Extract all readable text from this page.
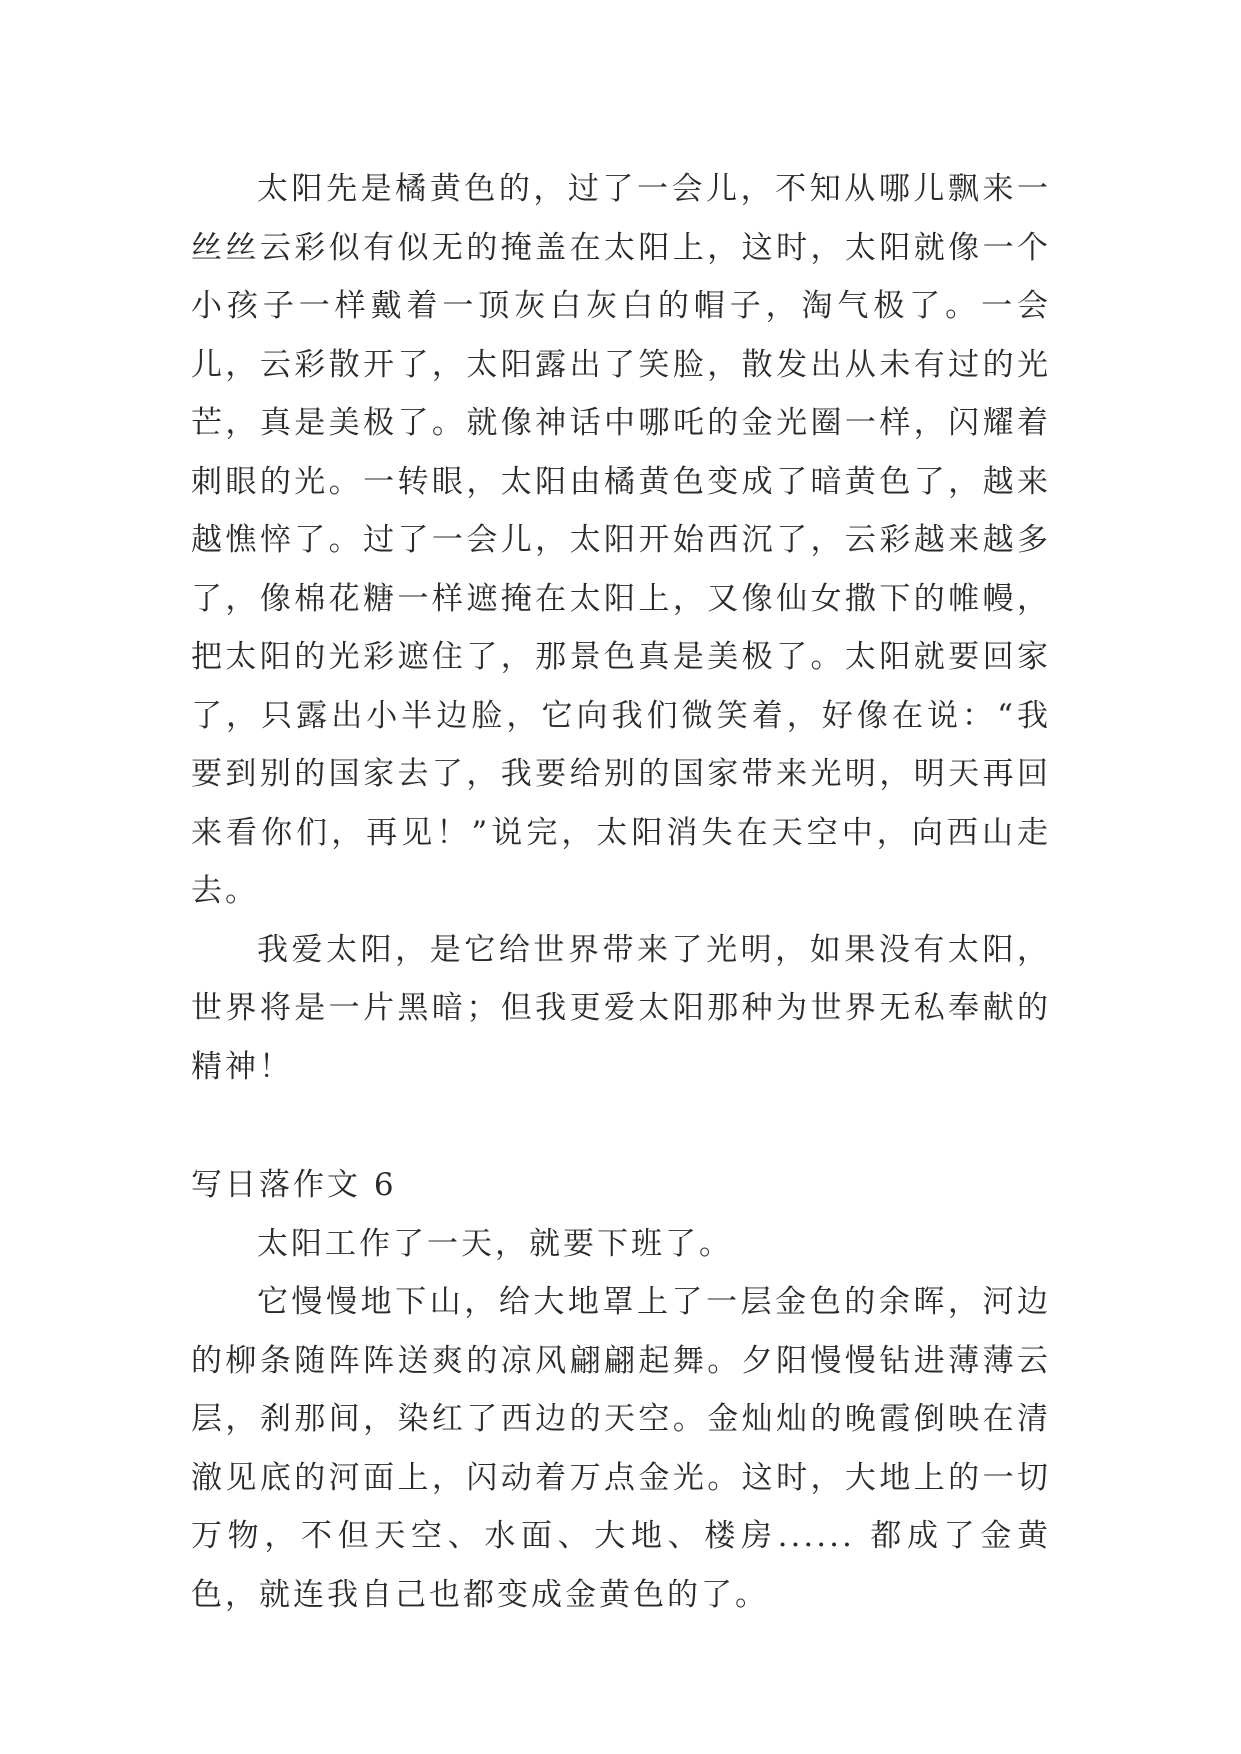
太阳先是橘黄色的，过了一会儿，不知从哪儿飘来一丝丝云彩似有似无的掩盖在太阳上，这时，太阳就像一个小孩子一样戴着一顶灰白灰白的帽子，淘气极了。一会儿，云彩散开了，太阳露出了笑脸，散发出从未有过的光芒，真是美极了。就像神话中哪吒的金光圈一样，闪耀着刺眼的光。一转眼，太阳由橘黄色变成了暗黄色了，越来越憔悴了。过了一会儿，太阳开始西沉了，云彩越来越多了，像棉花糖一样遮掩在太阳上，又像仙女撒下的帷幔，把太阳的光彩遮住了，那景色真是美极了。太阳就要回家了，只露出小半边脸，它向我们微笑着，好像在说：“我要到别的国家去了，我要给别的国家带来光明，明天再回来看你们，再见！”说完，太阳消失在天空中，向西山走去。

我爱太阳，是它给世界带来了光明，如果没有太阳，世界将是一片黑暗；但我更爱太阳那种为世界无私奉献的精神！

写日落作文 6

太阳工作了一天，就要下班了。

它慢慢地下山，给大地罩上了一层金色的余晖，河边的柳条随阵阵送爽的凉风翩翩起舞。夕阳慢慢钻进薄薄云层，刹那间，染红了西边的天空。金灿灿的晚霞倒映在清澈见底的河面上，闪动着万点金光。这时，大地上的一切万物，不但天空、水面、大地、楼房...... 都成了金黄色，就连我自己也都变成金黄色的了。
